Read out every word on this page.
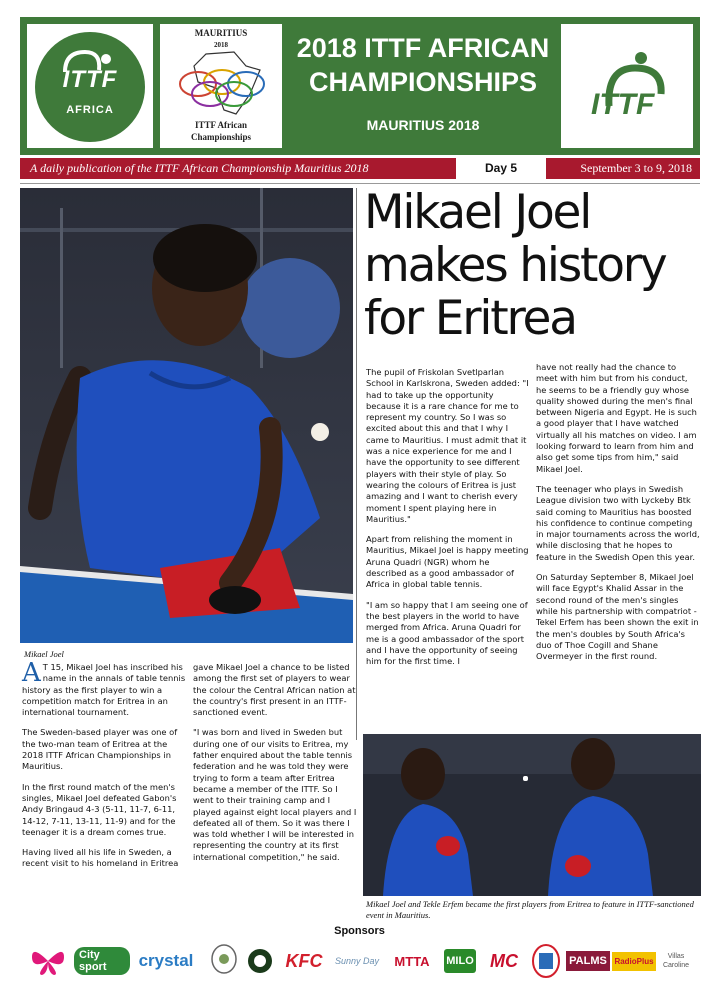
ITTF
AFRICA
MAURITIUS
2018
ITTF African
Championships
2018 ITTF AFRICAN CHAMPIONSHIPS
MAURITIUS 2018
ITTF
A daily publication of the ITTF African Championship Mauritius 2018	Day 5	September 3 to 9, 2018
Mikael Joel
Mikael Joel makes history for Eritrea

The pupil of Friskolan Svetlparlan School in Karlskrona, Sweden added: "I had to take up the opportunity because it is a rare chance for me to represent my country. So I was so excited about this and that I why I came to Mauritius. I must admit that it was a nice experience for me and I have the opportunity to see different players with their style of play. So wearing the colours of Eritrea is just amazing and I want to cherish every moment I spent playing here in Mauritius."

Apart from relishing the moment in Mauritius, Mikael Joel is happy meeting Aruna Quadri (NGR) whom he described as a good ambassador of Africa in global table tennis.

"I am so happy that I am seeing one of the best players in the world to have merged from Africa. Aruna Quadri for me is a good ambassador of the sport and I have the opportunity of seeing him for the first time. I

have not really had the chance to meet with him but from his conduct, he seems to be a friendly guy whose quality showed during the men's final between Nigeria and Egypt. He is such a good player that I have watched virtually all his matches on video. I am looking forward to learn from him and also get some tips from him," said Mikael Joel.

The teenager who plays in Swedish League division two with Lyckeby Btk said coming to Mauritius has boosted his confidence to continue competing in major tournaments across the world, while disclosing that he hopes to feature in the Swedish Open this year.

On Saturday September 8, Mikael Joel will face Egypt's Khalid Assar in the second round of the men's singles while his partnership with compatriot - Tekel Erfem has been shown the exit in the men's doubles by South Africa's duo of Thoe Cogill and Shane Overmeyer in the first round.

A T 15, Mikael Joel has inscribed his name in the annals of table tennis history as the first player to win a competition match for Eritrea in an international tournament.

The Sweden-based player was one of the two-man team of Eritrea at the 2018 ITTF African Championships in Mauritius.

In the first round match of the men's singles, Mikael Joel defeated Gabon's Andy Bringaud 4-3 (5-11, 11-7, 6-11, 14-12, 7-11, 13-11, 11-9) and for the teenager it is a dream comes true.

Having lived all his life in Sweden, a recent visit to his homeland in Eritrea

gave Mikael Joel a chance to be listed among the first set of players to wear the colour the Central African nation at the country's first present in an ITTF-sanctioned event.

"I was born and lived in Sweden but during one of our visits to Eritrea, my father enquired about the table tennis federation and he was told they were trying to form a team after Eritrea became a member of the ITTF. So I went to their training camp and I played against eight local players and I defeated all of them. So it was there I was told whether I will be interested in representing the country at its first international competition," he said.

Mikael Joel and Tekle Erfem became the first players from Eritrea to feature in ITTF-sanctioned event in Mauritius.
Sponsors
City sport	crystal	KFC Sunny Day MTTA MILO MC	PALMS RadioPlus	Villas Caroline
